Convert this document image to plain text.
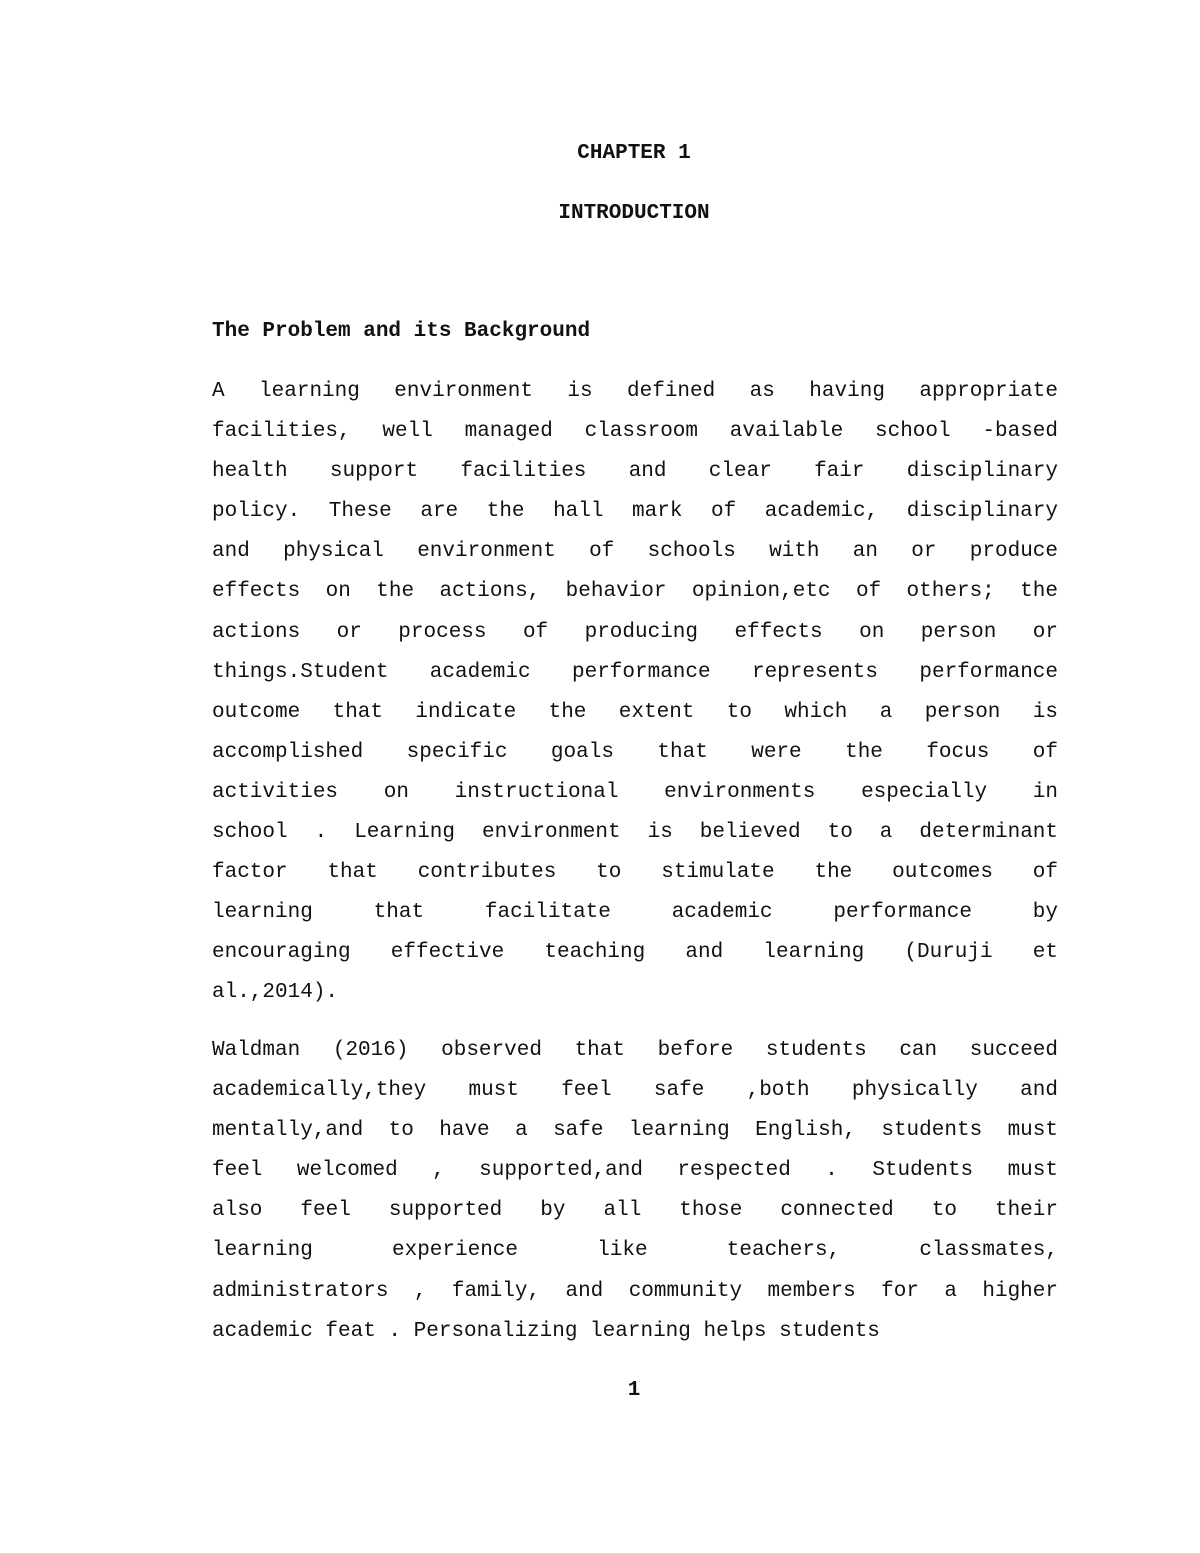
CHAPTER 1
INTRODUCTION
The Problem and its Background

A learning environment is defined as having appropriate
facilities, well managed classroom available school -based
health support facilities and clear fair disciplinary
policy. These are the hall mark of academic, disciplinary
and physical environment of schools with an or produce
effects on the actions, behavior opinion,etc of others; the
actions or process of producing effects on person or
things.Student academic performance represents performance
outcome that indicate the extent to which a person is
accomplished specific goals that were the focus of
activities on instructional environments especially in
school . Learning environment is believed to a determinant
factor that contributes to stimulate the outcomes of
learning that facilitate academic performance by
encouraging effective teaching and learning (Duruji et
al.,2014).

Waldman (2016) observed that before students can succeed
academically,they must feel safe ,both physically and
mentally,and to have a safe learning English, students must
feel welcomed , supported,and respected . Students must
also feel supported by all those connected to their
learning experience like teachers, classmates,
administrators , family, and community members for a higher
academic feat . Personalizing learning helps students

1
